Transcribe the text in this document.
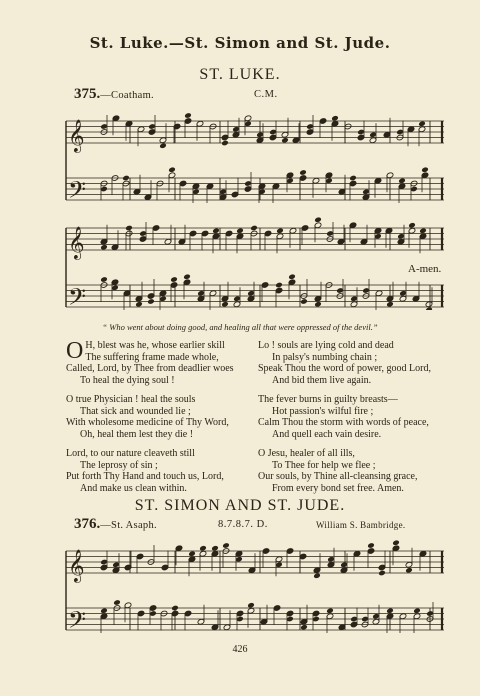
St. Luke.—St. Simon and St. Jude.
ST. LUKE.
375.—Coatham.	C.M.
𝄞
𝄢
𝄞
𝄢
A-men.
“ Who went about doing good, and healing all that were oppressed of the devil.”
O H, blest was he, whose earlier skill
The suffering frame made whole,
Called, Lord, by Thee from deadlier woes
To heal the dying soul !
O true Physician ! heal the souls
That sick and wounded lie ;
With wholesome medicine of Thy Word,
Oh, heal them lest they die !
Lord, to our nature cleaveth still
The leprosy of sin ;
Put forth Thy Hand and touch us, Lord,
And make us clean within.
Lo ! souls are lying cold and dead
In palsy's numbing chain ;
Speak Thou the word of power, good Lord,
And bid them live again.
The fever burns in guilty breasts—
Hot passion's wilful fire ;
Calm Thou the storm with words of peace,
And quell each vain desire.
O Jesu, healer of all ills,
To Thee for help we flee ;
Our souls, by Thine all-cleansing grace,
From every bond set free. Amen.
ST. SIMON AND ST. JUDE.
376.—St. Asaph.	8.7.8.7. D.	William S. Bambridge.
𝄞
𝄢
426
